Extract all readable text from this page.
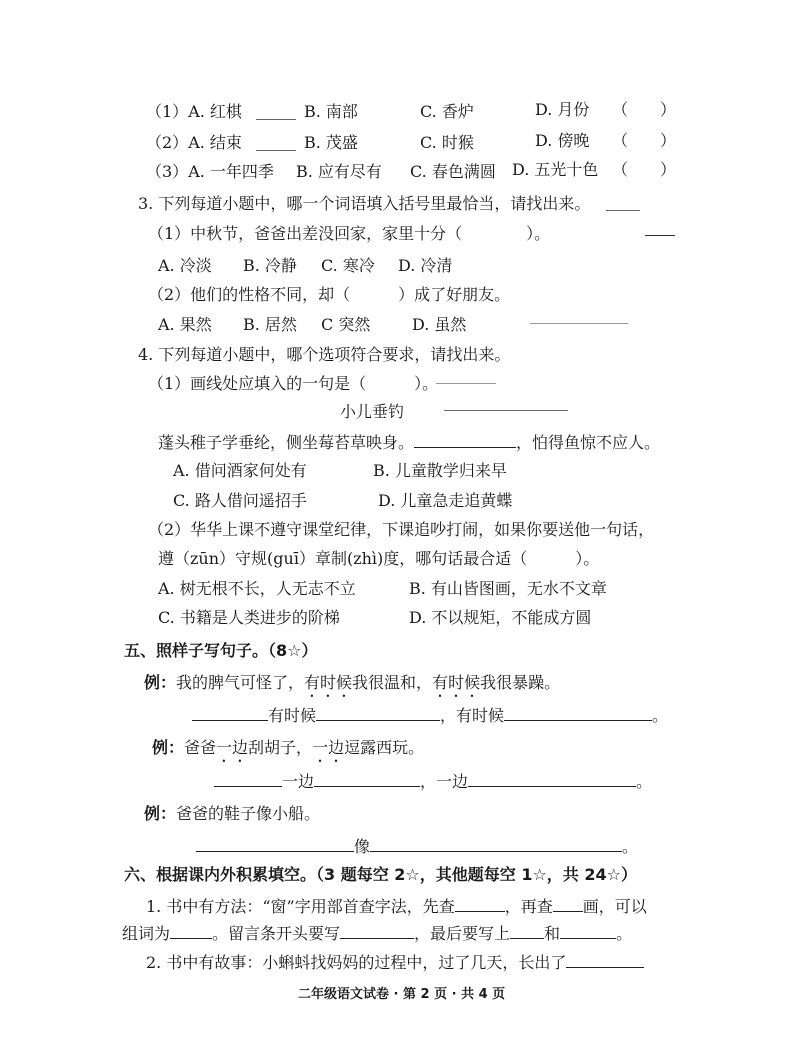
（1）A. 红棋	B. 南部	C. 香炉	D. 月份 （　　）
（2）A. 结束	B. 茂盛	C. 时猴	D. 傍晚 （　　）
（3）A. 一年四季 B. 应有尽有 C. 春色满圆 D. 五光十色 （　　）
3. 下列每道小题中，哪一个词语填入括号里最恰当，请找出来。
（1）中秋节，爸爸出差没回家，家里十分（　　　　）。
A. 冷淡 B. 冷静 C. 寒冷 D. 冷清
（2）他们的性格不同，却（　　　）成了好朋友。
A. 果然 B. 居然 C 突然	D. 虽然
4. 下列每道小题中，哪个选项符合要求，请找出来。
（1）画线处应填入的一句是（　　　）。
小儿垂钓
蓬头稚子学垂纶，侧坐莓苔草映身。	，怕得鱼惊不应人。
A. 借问酒家何处有	B. 儿童散学归来早
C. 路人借问遥招手	D. 儿童急走追黄蝶
（2）华华上课不遵守课堂纪律，下课追吵打闹，如果你要送他一句话，
遵（zūn）守规(guī）章制(zhì)度，哪句话最合适（　　　）。
A. 树无根不长，人无志不立	B. 有山皆图画，无水不文章
C. 书籍是人类进步的阶梯	D. 不以规矩，不能成方圆
五、照样子写句子。（8☆）
例：我的脾气可怪了，有时候我很温和，有时候我很暴躁。
有时候	，有时候	。
例：爸爸一边刮胡子，一边逗露西玩。
一边	，一边	。
例：爸爸的鞋子像小船。
像	。
六、根据课内外积累填空。（3 题每空 2☆，其他题每空 1☆，共 24☆）
1. 书中有方法：“窗”字用部首查字法，先查	，再查 画，可以
组词为	。留言条开头要写	，最后要写上 和	。
2. 书中有故事：小蝌蚪找妈妈的过程中，过了几天，长出了
二年级语文试卷 · 第 2 页 · 共 4 页
